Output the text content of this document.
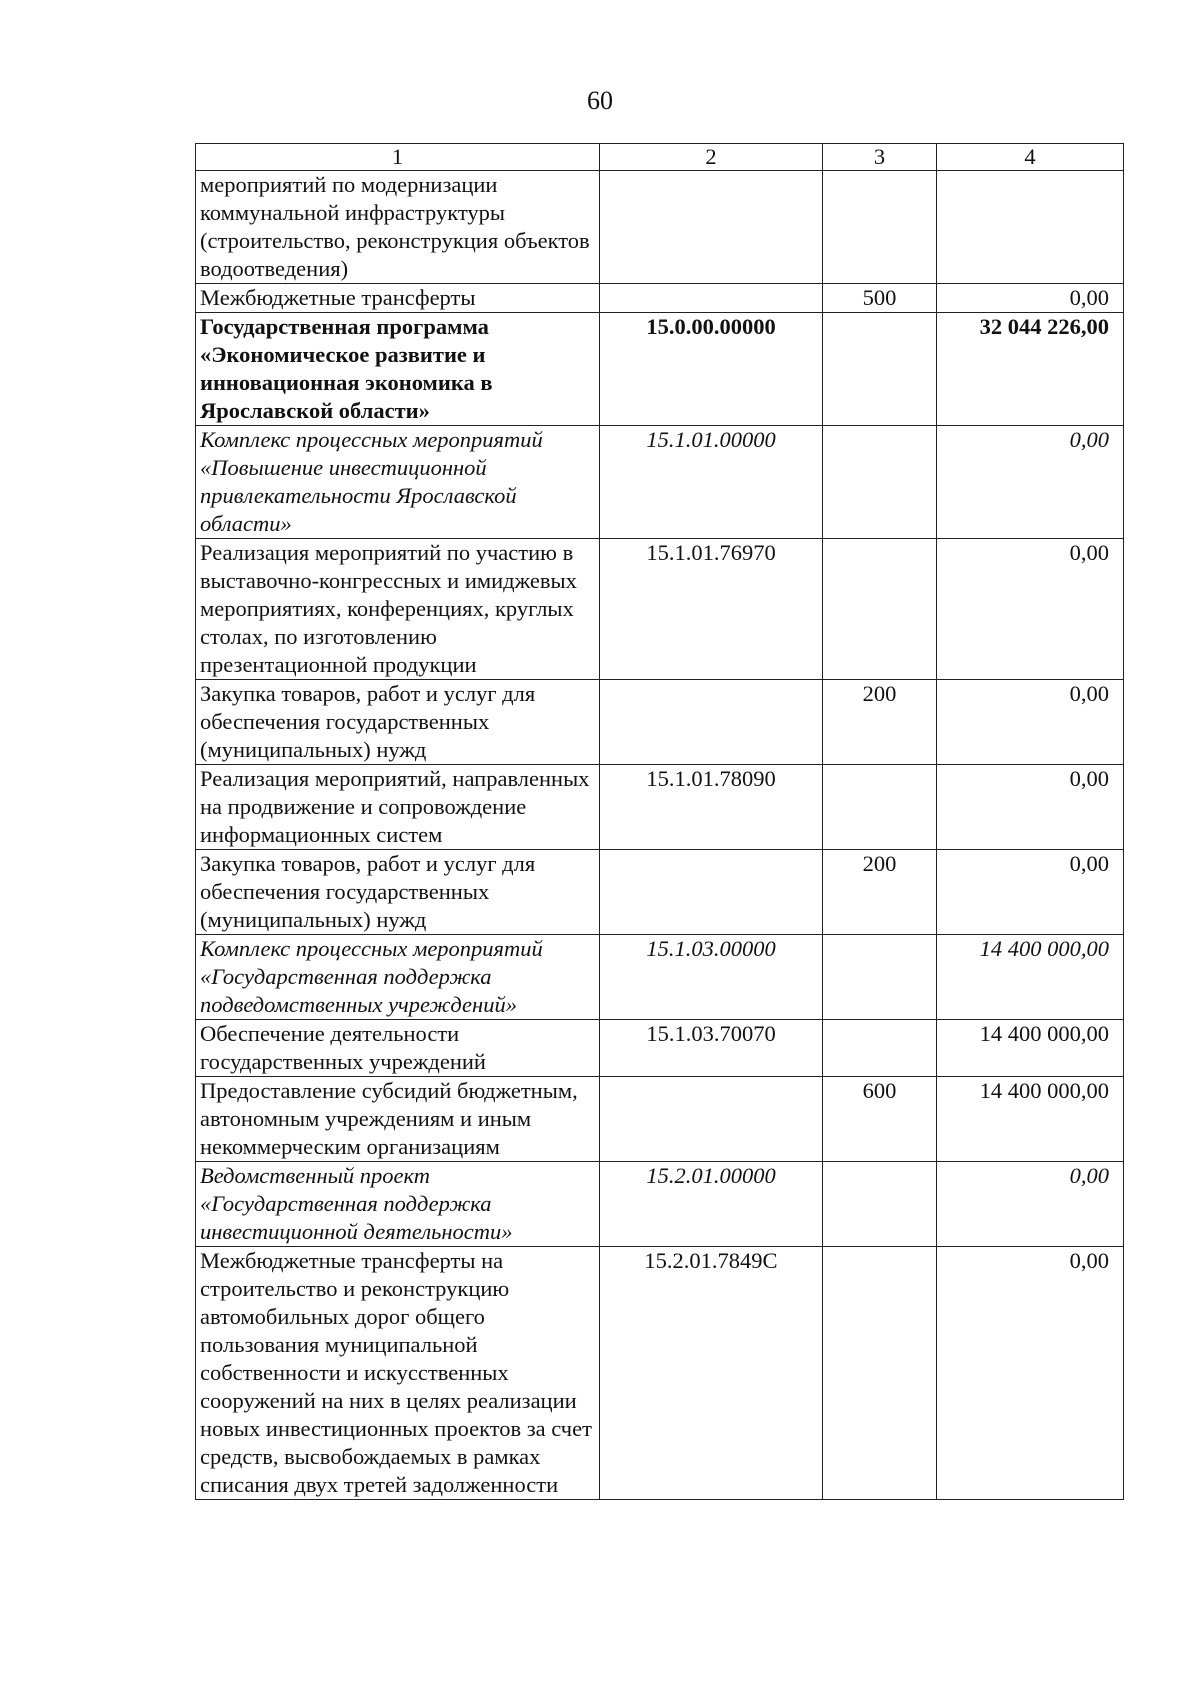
60
1	2	3	4
мероприятий по модернизации коммунальной инфраструктуры (строительство, реконструкция объектов водоотведения)			
Межбюджетные трансферты		500	0,00
Государственная программа «Экономическое развитие и инновационная экономика в Ярославской области»	15.0.00.00000		32 044 226,00
Комплекс процессных мероприятий «Повышение инвестиционной привлекательности Ярославской области»	15.1.01.00000		0,00
Реализация мероприятий по участию в выставочно-конгрессных и имиджевых мероприятиях, конференциях, круглых столах, по изготовлению презентационной продукции	15.1.01.76970		0,00
Закупка товаров, работ и услуг для обеспечения государственных (муниципальных) нужд		200	0,00
Реализация мероприятий, направленных на продвижение и сопровождение информационных систем	15.1.01.78090		0,00
Закупка товаров, работ и услуг для обеспечения государственных (муниципальных) нужд		200	0,00
Комплекс процессных мероприятий «Государственная поддержка подведомственных учреждений»	15.1.03.00000		14 400 000,00
Обеспечение деятельности государственных учреждений	15.1.03.70070		14 400 000,00
Предоставление субсидий бюджетным, автономным учреждениям и иным некоммерческим организациям		600	14 400 000,00
Ведомственный проект «Государственная поддержка инвестиционной деятельности»	15.2.01.00000		0,00
Межбюджетные трансферты на строительство и реконструкцию автомобильных дорог общего пользования муниципальной собственности и искусственных сооружений на них в целях реализации новых инвестиционных проектов за счет средств, высвобождаемых в рамках списания двух третей задолженности	15.2.01.7849С		0,00
